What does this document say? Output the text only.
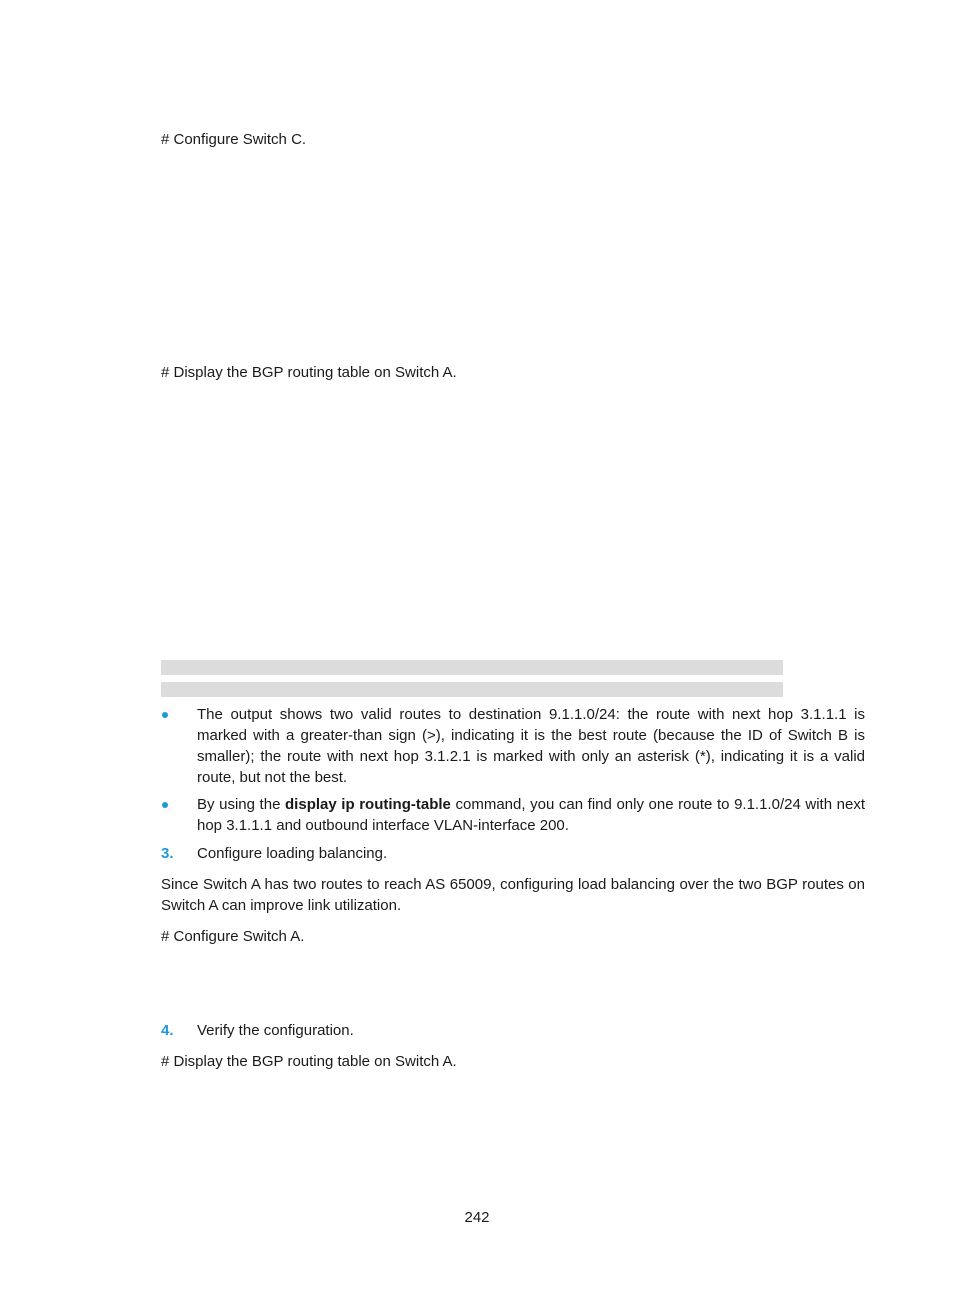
# Configure Switch C.

# Display the BGP routing table on Switch A.

The output shows two valid routes to destination 9.1.1.0/24: the route with next hop 3.1.1.1 is marked with a greater-than sign (>), indicating it is the best route (because the ID of Switch B is smaller); the route with next hop 3.1.2.1 is marked with only an asterisk (*), indicating it is a valid route, but not the best.

By using the display ip routing-table command, you can find only one route to 9.1.1.0/24 with next hop 3.1.1.1 and outbound interface VLAN-interface 200.

3. Configure loading balancing.

Since Switch A has two routes to reach AS 65009, configuring load balancing over the two BGP routes on Switch A can improve link utilization.

# Configure Switch A.

4. Verify the configuration.

# Display the BGP routing table on Switch A.

242
